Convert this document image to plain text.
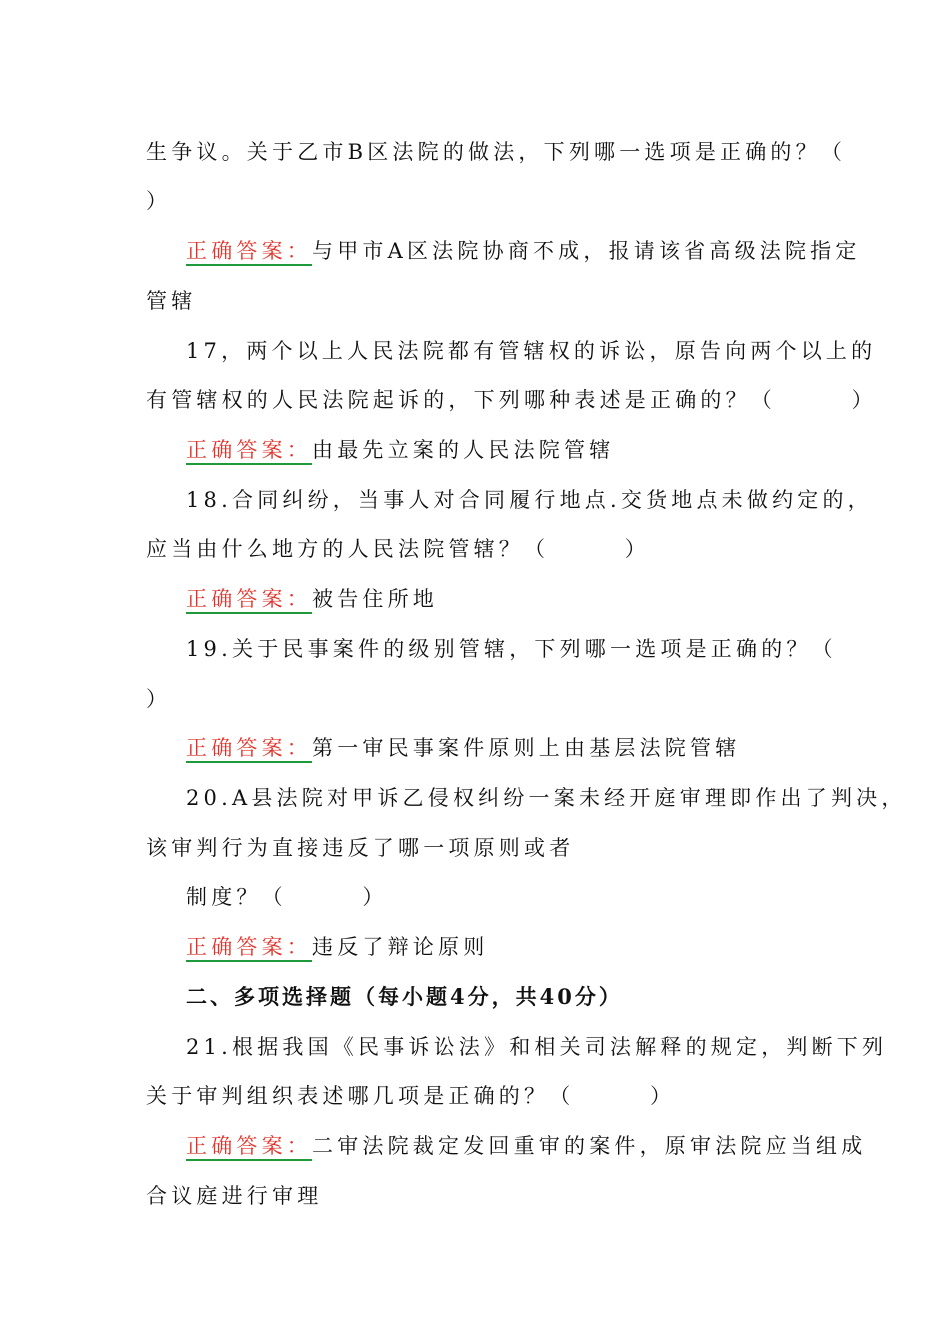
生争议。关于乙市B区法院的做法，下列哪一选项是正确的？（
）
正确答案：与甲市A区法院协商不成，报请该省高级法院指定
管辖
17，两个以上人民法院都有管辖权的诉讼，原告向两个以上的
有管辖权的人民法院起诉的，下列哪种表述是正确的？（　　　）
正确答案：由最先立案的人民法院管辖
18.合同纠纷，当事人对合同履行地点.交货地点未做约定的，
应当由什么地方的人民法院管辖？（　　　）
正确答案：被告住所地
19.关于民事案件的级别管辖，下列哪一选项是正确的？（
）
正确答案：第一审民事案件原则上由基层法院管辖
20.A县法院对甲诉乙侵权纠纷一案未经开庭审理即作出了判决，
该审判行为直接违反了哪一项原则或者
制度？（　　　）
正确答案：违反了辩论原则
二、多项选择题（每小题4分，共40分）
21.根据我国《民事诉讼法》和相关司法解释的规定，判断下列
关于审判组织表述哪几项是正确的？（　　　）
正确答案：二审法院裁定发回重审的案件，原审法院应当组成
合议庭进行审理
